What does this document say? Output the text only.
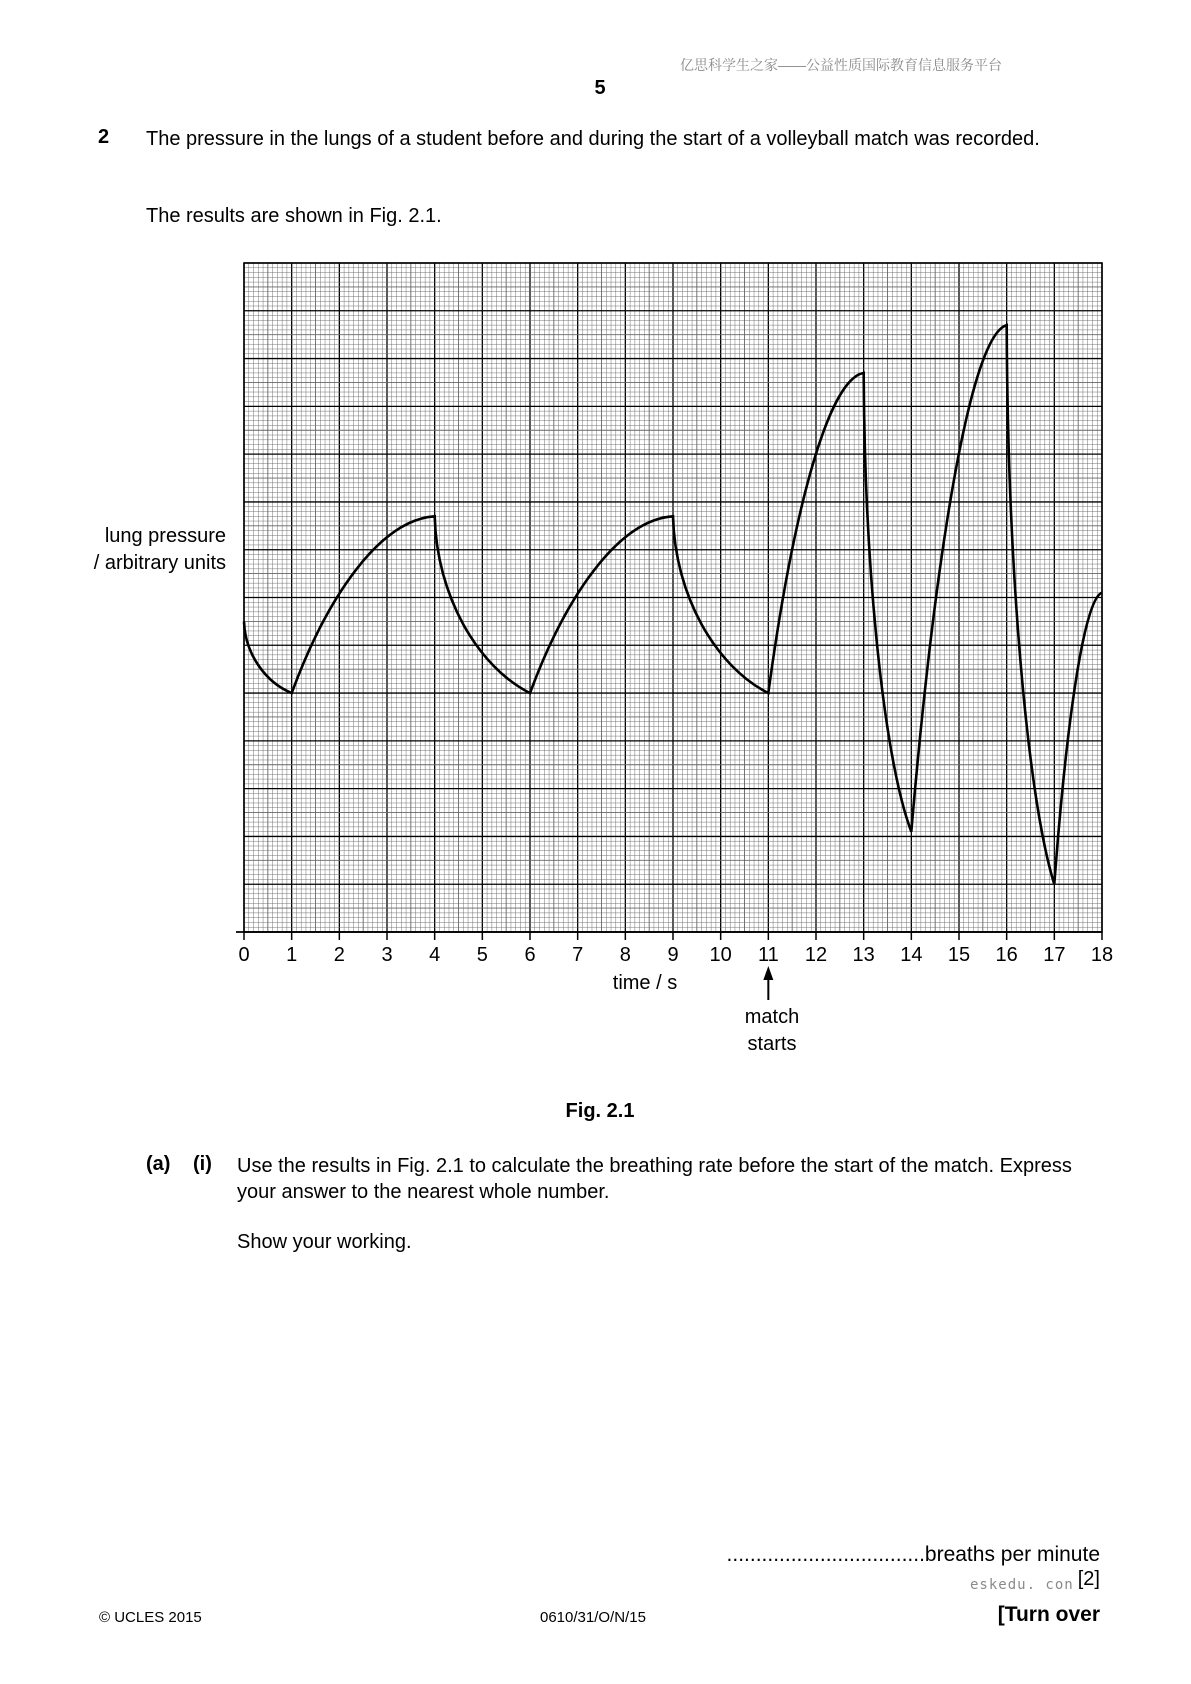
亿思科学生之家——公益性质国际教育信息服务平台
5
2 The pressure in the lungs of a student before and during the start of a volleyball match was recorded.
The results are shown in Fig. 2.1.
0 1 2 3 4 5 6 7 8 9 10 11 12 13 14 15 16 17 18
lung pressure
/ arbitrary units
time / s
match
starts
Fig. 2.1
(a) (i) Use the results in Fig. 2.1 to calculate the breathing rate before the start of the match. Express your answer to the nearest whole number.
Show your working.
..................................breaths per minute
eskedu. con [2]
© UCLES 2015	0610/31/O/N/15	[Turn over
